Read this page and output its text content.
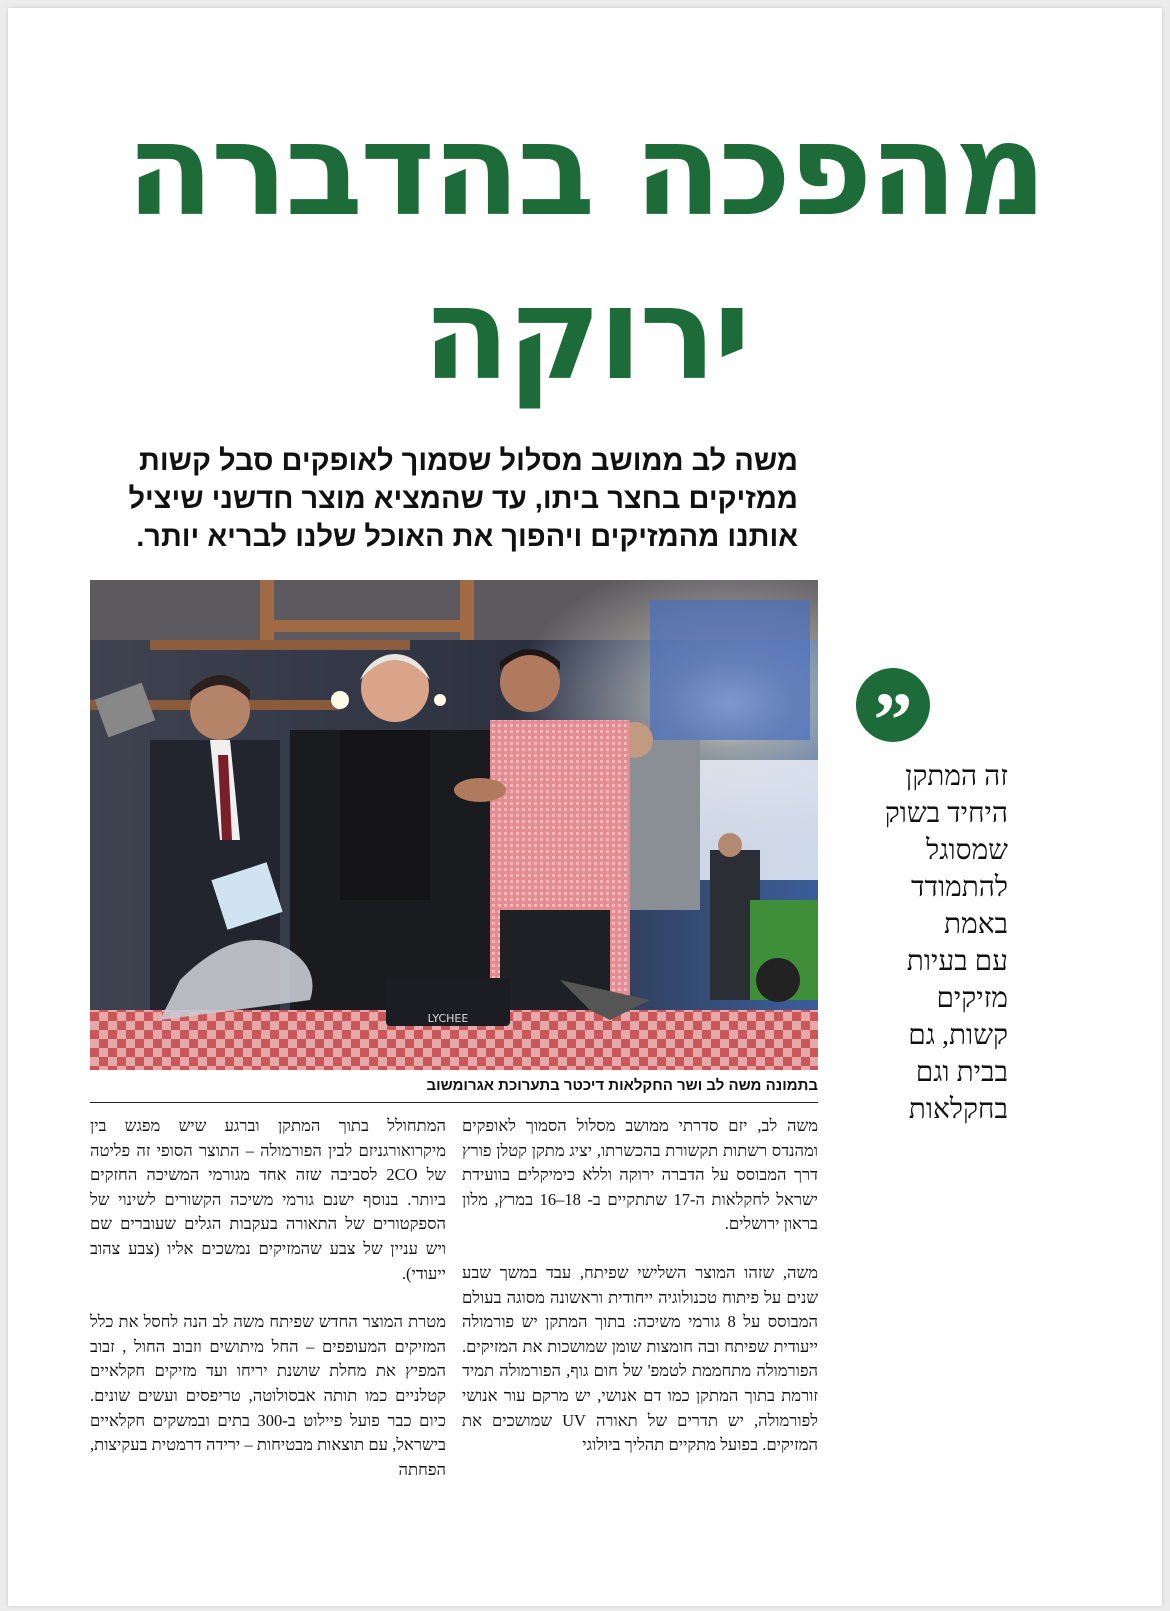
מהפכה בהדברה
ירוקה
משה לב ממושב מסלול שסמוך לאופקים סבל קשות ממזיקים בחצר ביתו, עד שהמציא מוצר חדשני שיציל אותנו מהמזיקים ויהפוך את האוכל שלנו לבריא יותר.
LYCHEE
בתמונה משה לב ושר החקלאות דיכטר בתערוכת אגרומשוב
”
זה המתקן
היחיד בשוק
שמסוגל
להתמודד
באמת
עם בעיות
מזיקים
קשות, גם
בבית וגם
בחקלאות

משה לב, יזם סדרתי ממושב מסלול הסמוך לאופקים ומהנדס רשתות תקשורת בהכשרתו, יציג מתקן קטלן פורץ דרך המבוסס על הדברה ירוקה וללא כימיקלים בוועידת ישראל לחקלאות ה-17 שתתקיים ב- 18–16 במרץ, מלון בראון ירושלים.

משה, שזהו המוצר השלישי שפיתח, עבד במשך שבע שנים על פיתוח טכנולוגיה ייחודית וראשונה מסוגה בעולם המבוסס על 8 גורמי משיכה: בתוך המתקן יש פורמולה ייעודית שפיתח ובה חומצות שומן שמושכות את המזיקים. הפורמולה מתחממת לטמפ' של חום גוף, הפורמולה תמיד זורמת בתוך המתקן כמו דם אנושי, יש מרקם עור אנושי לפורמולה, יש תדרים של תאורה UV שמושכים את המזיקים. בפועל מתקיים תהליך ביולוגי

המתחולל בתוך המתקן וברגע שיש מפגש בין מיקרואורגניזם לבין הפורמולה – התוצר הסופי זה פליטה של 2CO לסביבה שזה אחד מגורמי המשיכה החזקים ביותר. בנוסף ישנם גורמי משיכה הקשורים לשינוי של הספקטורים של התאורה בעקבות הגלים שעוברים שם ויש עניין של צבע שהמזיקים נמשכים אליו (צבע צהוב ייעודי).

מטרת המוצר החדש שפיתח משה לב הנה לחסל את כלל המזיקים המעופפים – החל מיתושים וזבוב החול , זבוב המפיץ את מחלת שושנת יריחו ועד מזיקים חקלאיים קטלניים כמו תותה אבסולוטה, טריפסים ועשים שונים. כיום כבר פועל פיילוט ב-300 בתים ובמשקים חקלאיים בישראל, עם תוצאות מבטיחות – ירידה דרמטית בעקיצות, הפחתה
